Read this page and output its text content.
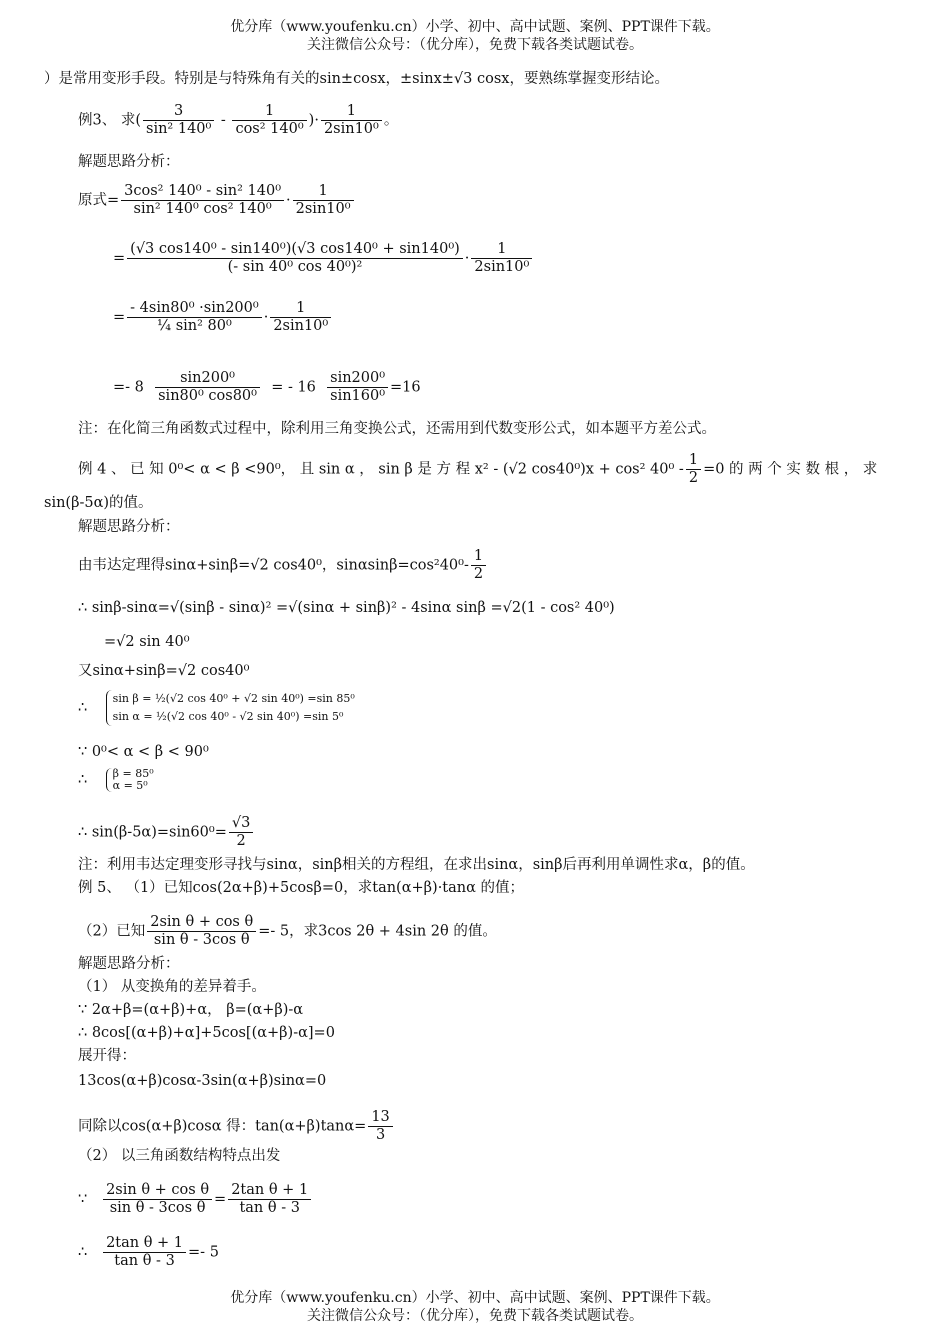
优分库（www.youfenku.cn）小学、初中、高中试题、案例、PPT课件下载。
关注微信公众号：（优分库），免费下载各类试题试卷。
）是常用变形手段。特别是与特殊角有关的sin±cosx，±sinx±√3 cosx，要熟练掌握变形结论。
例3、 求( $\frac{3}{\text{sin² 140⁰}} - \frac{1}{\text{cos² 140⁰}}$ )· $\frac{1}{\text{2sin10⁰}}$ 。
解题思路分析：
原式= $\frac{\text{3cos² 140⁰ - sin² 140⁰}}{\text{sin² 140⁰ cos² 140⁰}} \cdot \frac{1}{\text{2sin10⁰}}$
= $\frac{\text{(√3 cos140⁰ - sin140⁰)(√3 cos140⁰ + sin140⁰)}}{\text{(- sin 40⁰ cos 40⁰)²}} \cdot \frac{1}{\text{2sin10⁰}}$
= $\frac{\text{- 4sin80⁰ ·sin200⁰}}{\text{¼ sin² 80⁰}} \cdot \frac{1}{\text{2sin10⁰}}$
=- $8 \frac{\text{sin200⁰}}{\text{sin80⁰ cos80⁰}}$ = - $16 \frac{\text{sin200⁰}}{\text{sin160⁰}} =16$
注：在化简三角函数式过程中，除利用三角变换公式，还需用到代数变形公式，如本题平方差公式。
例 4 、 已 知 0⁰< α < β <90⁰， 且 sin α ， sin β 是 方 程 x² - (√2 cos40⁰)x + cos² $40^0 - \frac{1}{2} =0$ 的 两 个 实 数 根 ， 求
sin(β-5α)的值。
解题思路分析：
由韦达定理得sinα+sinβ=√2 cos40⁰，$\sin\alpha\sin\beta=\cos^240^0- \frac{1}{2}$
∴ sinβ-sinα=√(sinβ - sinα)² =√(sinα + sinβ)² - 4sinα sinβ =√2(1 - cos² 40⁰)
=√2 sin 40⁰
又sinα+sinβ=√2 cos40⁰
∴
sin β = ½(√2 cos 40⁰ + √2 sin 40⁰) =sin 85⁰
sin α = ½(√2 cos 40⁰ - √2 sin 40⁰) =sin 5⁰
∵ 0⁰< α < β < 90⁰
∴ β = 85⁰
α = 5⁰
∴ $\sin(\beta-5\alpha)=\sin 60^0= \frac{√3}{2}$
注：利用韦达定理变形寻找与sinα，sinβ相关的方程组，在求出sinα，sinβ后再利用单调性求α，β的值。
例 5、 （1）已知cos(2α+β)+5cosβ=0，求tan(α+β)·tanα 的值；
（2）已知 $\frac{\text{2sin θ + cos θ}}{\text{sin θ - 3cos θ}} =- 5$，求3cos 2θ + 4sin 2θ 的值。
解题思路分析：
（1） 从变换角的差异着手。
∵ 2α+β=(α+β)+α， β=(α+β)-α
∴ 8cos[(α+β)+α]+5cos[(α+β)-α]=0
展开得：
13cos(α+β)cosα-3sin(α+β)sinα=0
同除以cos(α+β)cosα 得：$\tan(\alpha+\beta)\tan\alpha= \frac{13}{3}$
（2） 以三角函数结构特点出发
∵ $\frac{\text{2sin θ + cos θ}}{\text{sin θ - 3cos θ}} = \frac{\text{2tan θ + 1}}{\text{tan θ - 3}}$
∴ $\frac{\text{2tan θ + 1}}{\text{tan θ - 3}} =- 5$
优分库（www.youfenku.cn）小学、初中、高中试题、案例、PPT课件下载。
关注微信公众号：（优分库），免费下载各类试题试卷。
